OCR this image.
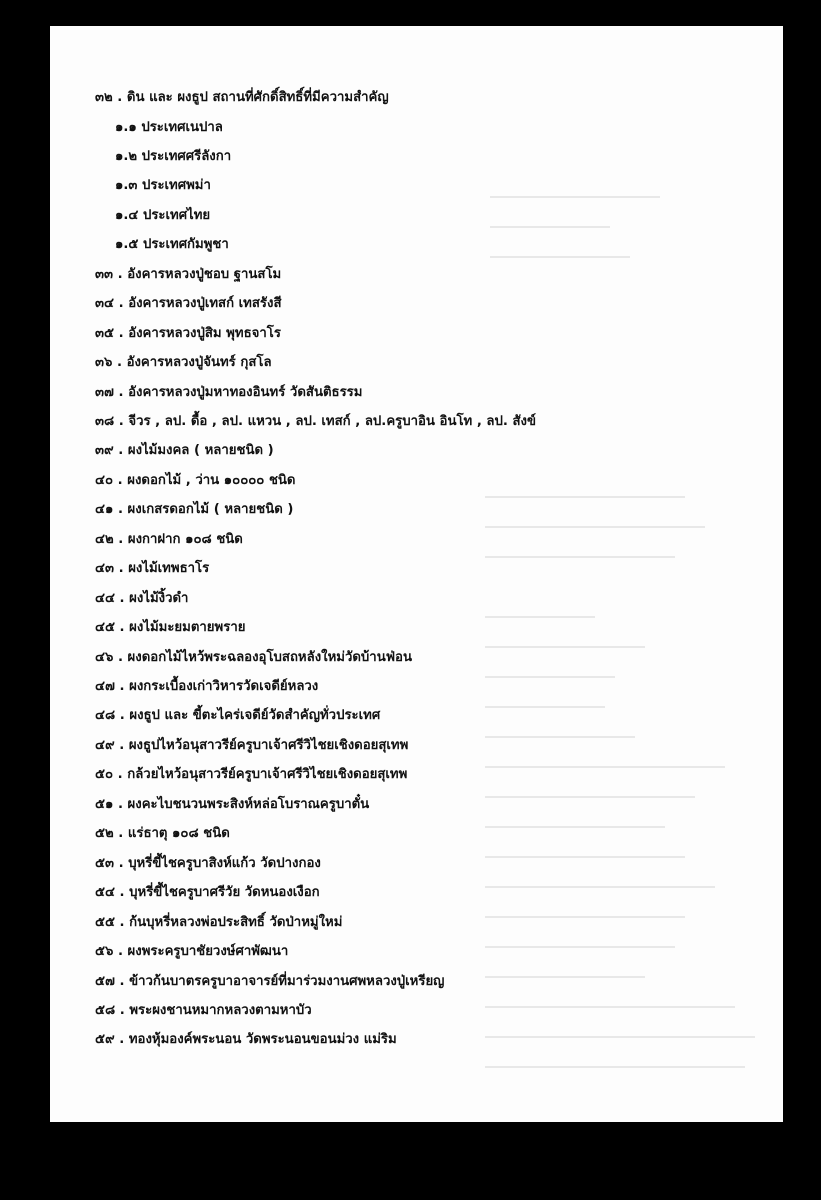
๓๒ . ดิน และ ผงธูป สถานที่ศักดิ์สิทธิ์ที่มีความสำคัญ
๑.๑ ประเทศเนปาล
๑.๒ ประเทศศรีลังกา
๑.๓ ประเทศพม่า
๑.๔ ประเทศไทย
๑.๕ ประเทศกัมพูชา
๓๓ . อังคารหลวงปู่ชอบ ฐานสโม
๓๔ . อังคารหลวงปู่เทสก์ เทสรังสี
๓๕ . อังคารหลวงปู่สิม พุทธจาโร
๓๖ . อังคารหลวงปู่จันทร์ กุสโล
๓๗ . อังคารหลวงปู่มหาทองอินทร์ วัดสันติธรรม
๓๘ . จีวร , ลป. ดื้อ , ลป. แหวน , ลป. เทสก์ , ลป.ครูบาอิน อินโท , ลป. สังข์
๓๙ . ผงไม้มงคล ( หลายชนิด )
๔๐ . ผงดอกไม้ , ว่าน ๑๐๐๐๐ ชนิด
๔๑ . ผงเกสรดอกไม้ ( หลายชนิด )
๔๒ . ผงกาฝาก ๑๐๘ ชนิด
๔๓ . ผงไม้เทพธาโร
๔๔ . ผงไม้งิ้วดำ
๔๕ . ผงไม้มะยมตายพราย
๔๖ . ผงดอกไม้ไหว้พระฉลองอุโบสถหลังใหม่วัดบ้านฟ่อน
๔๗ . ผงกระเบื้องเก่าวิหารวัดเจดีย์หลวง
๔๘ . ผงธูป และ ขี้ตะไคร่เจดีย์วัดสำคัญทั่วประเทศ
๔๙ . ผงธูปไหว้อนุสาวรีย์ครูบาเจ้าศรีวิไชยเชิงดอยสุเทพ
๕๐ . กล้วยไหว้อนุสาวรีย์ครูบาเจ้าศรีวิไชยเชิงดอยสุเทพ
๕๑ . ผงคะไบชนวนพระสิงห์หล่อโบราณครูบาตั๋น
๕๒ . แร่ธาตุ ๑๐๘ ชนิด
๕๓ . บุหรี่ขี้ไชครูบาสิงห์แก้ว วัดปางกอง
๕๔ . บุหรี่ขี้ไชครูบาศรีวัย วัดหนองเงือก
๕๕ . ก้นบุหรี่หลวงพ่อประสิทธิ์ วัดป่าหมู่ใหม่
๕๖ . ผงพระครูบาชัยวงษ์ศาพัฒนา
๕๗ . ข้าวก้นบาตรครูบาอาจารย์ที่มาร่วมงานศพหลวงปู่เหรียญ
๕๘ . พระผงชานหมากหลวงตามหาบัว
๕๙ . ทองหุ้มองค์พระนอน วัดพระนอนขอนม่วง แม่ริม
